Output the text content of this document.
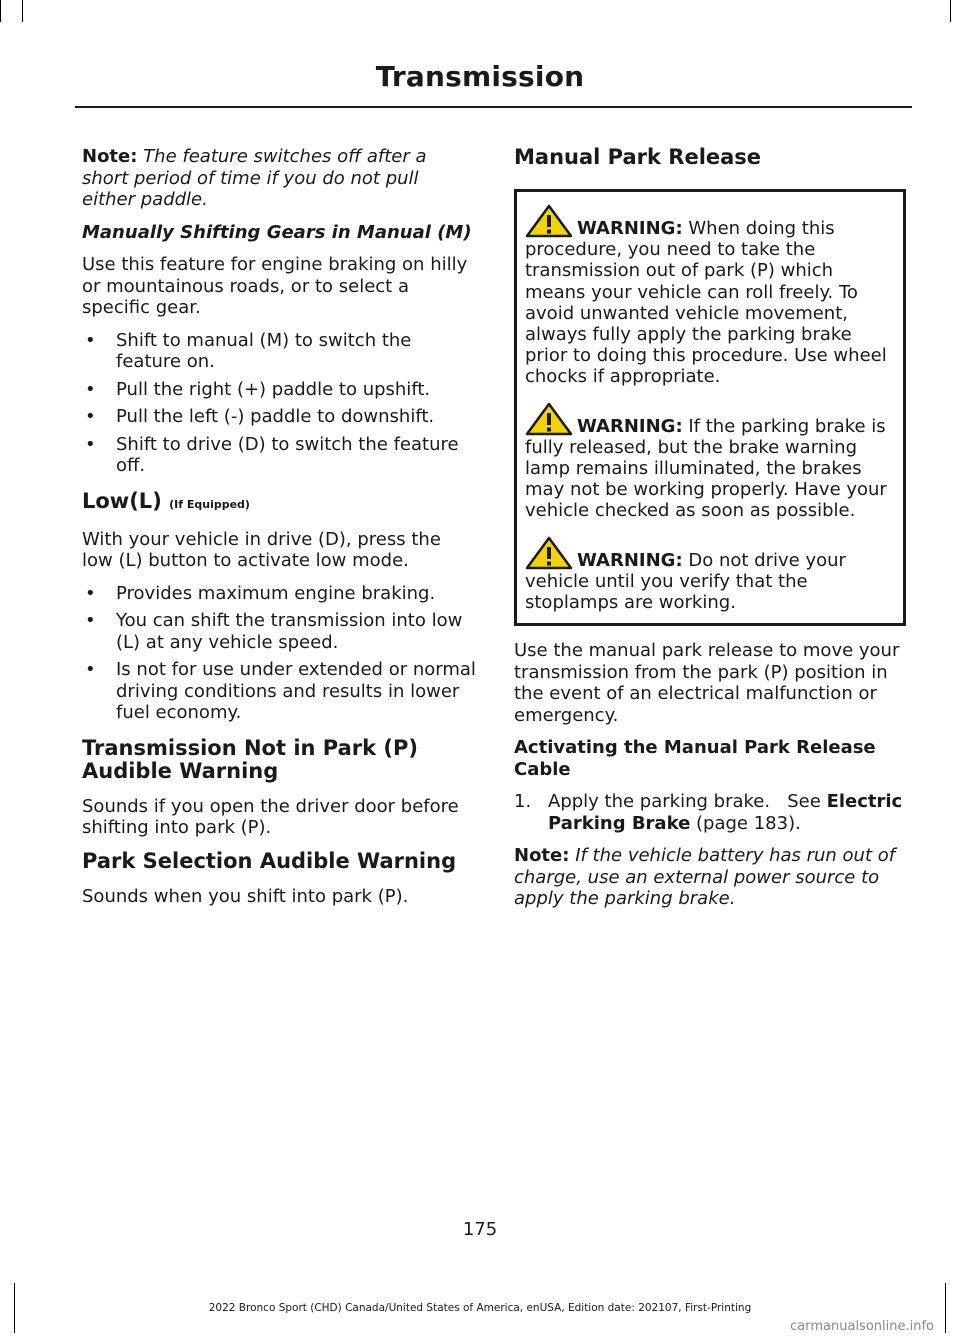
Transmission

Note: The feature switches off after a short period of time if you do not pull either paddle.

Manually Shifting Gears in Manual (M)

Use this feature for engine braking on hilly or mountainous roads, or to select a specific gear.

• Shift to manual (M) to switch the feature on.
• Pull the right (+) paddle to upshift.
• Pull the left (-) paddle to downshift.
• Shift to drive (D) to switch the feature off.

Low(L) (If Equipped)

With your vehicle in drive (D), press the low (L) button to activate low mode.

• Provides maximum engine braking.
• You can shift the transmission into low (L) at any vehicle speed.
• Is not for use under extended or normal driving conditions and results in lower fuel economy.

Transmission Not in Park (P) Audible Warning

Sounds if you open the driver door before shifting into park (P).

Park Selection Audible Warning

Sounds when you shift into park (P).

Manual Park Release

WARNING: When doing this procedure, you need to take the transmission out of park (P) which means your vehicle can roll freely. To avoid unwanted vehicle movement, always fully apply the parking brake prior to doing this procedure. Use wheel chocks if appropriate.

WARNING: If the parking brake is fully released, but the brake warning lamp remains illuminated, the brakes may not be working properly. Have your vehicle checked as soon as possible.

WARNING: Do not drive your vehicle until you verify that the stoplamps are working.

Use the manual park release to move your transmission from the park (P) position in the event of an electrical malfunction or emergency.

Activating the Manual Park Release Cable

1. Apply the parking brake. See Electric Parking Brake (page 183).

Note: If the vehicle battery has run out of charge, use an external power source to apply the parking brake.

175
2022 Bronco Sport (CHD) Canada/United States of America, enUSA, Edition date: 202107, First-Printing
carmanualsonline.info
